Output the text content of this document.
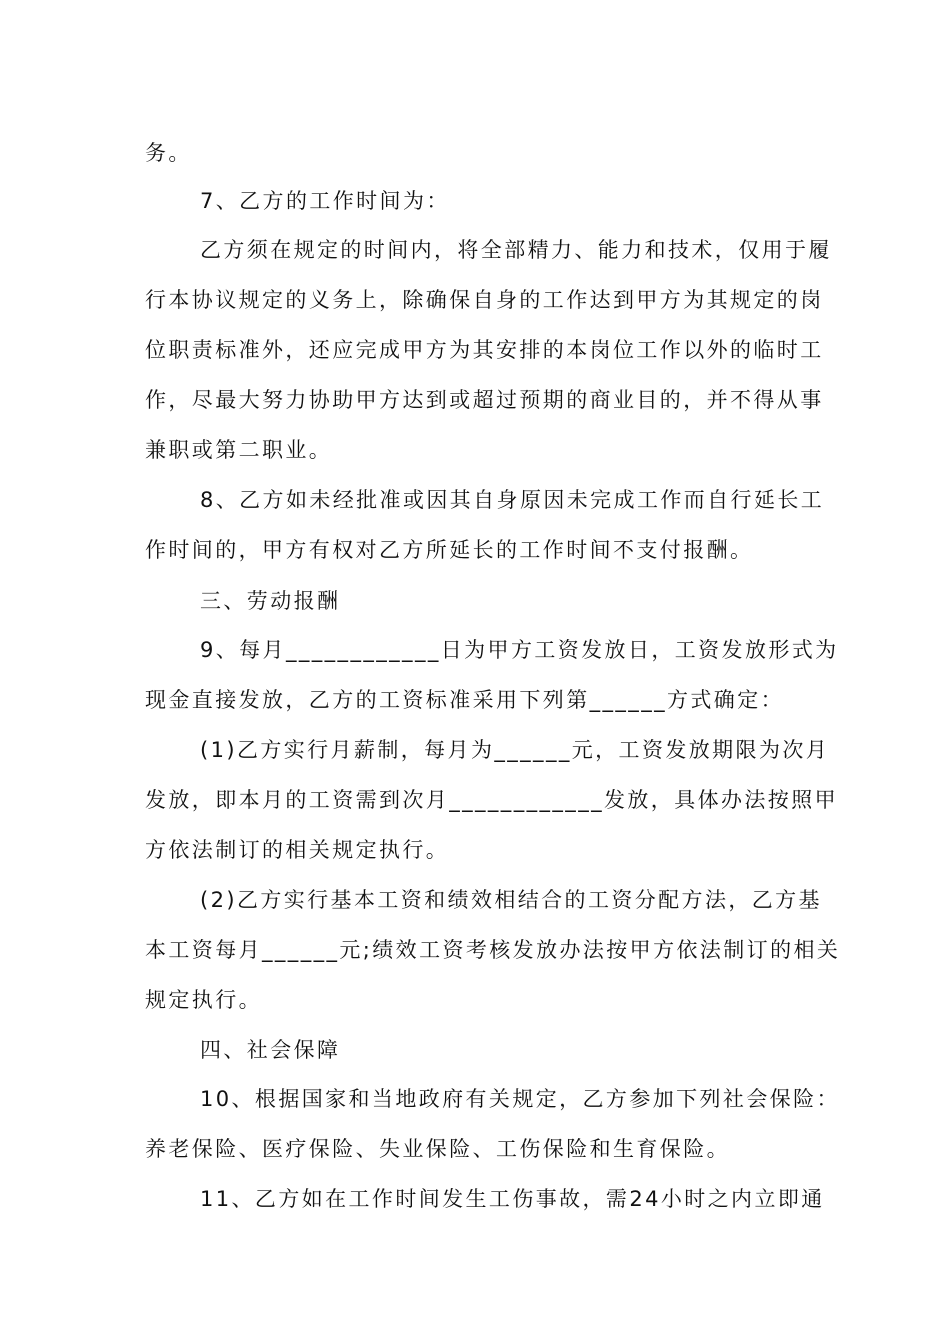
务。
7、乙方的工作时间为：
乙方须在规定的时间内，将全部精力、能力和技术，仅用于履
行本协议规定的义务上，除确保自身的工作达到甲方为其规定的岗
位职责标准外，还应完成甲方为其安排的本岗位工作以外的临时工
作，尽最大努力协助甲方达到或超过预期的商业目的，并不得从事
兼职或第二职业。
8、乙方如未经批准或因其自身原因未完成工作而自行延长工
作时间的，甲方有权对乙方所延长的工作时间不支付报酬。
三、劳动报酬
9、每月____________日为甲方工资发放日，工资发放形式为
现金直接发放，乙方的工资标准采用下列第______方式确定：
(1)乙方实行月薪制，每月为______元，工资发放期限为次月
发放，即本月的工资需到次月____________发放，具体办法按照甲
方依法制订的相关规定执行。
(2)乙方实行基本工资和绩效相结合的工资分配方法，乙方基
本工资每月______元;绩效工资考核发放办法按甲方依法制订的相关
规定执行。
四、社会保障
10、根据国家和当地政府有关规定，乙方参加下列社会保险：
养老保险、医疗保险、失业保险、工伤保险和生育保险。
11、乙方如在工作时间发生工伤事故，需24小时之内立即通
